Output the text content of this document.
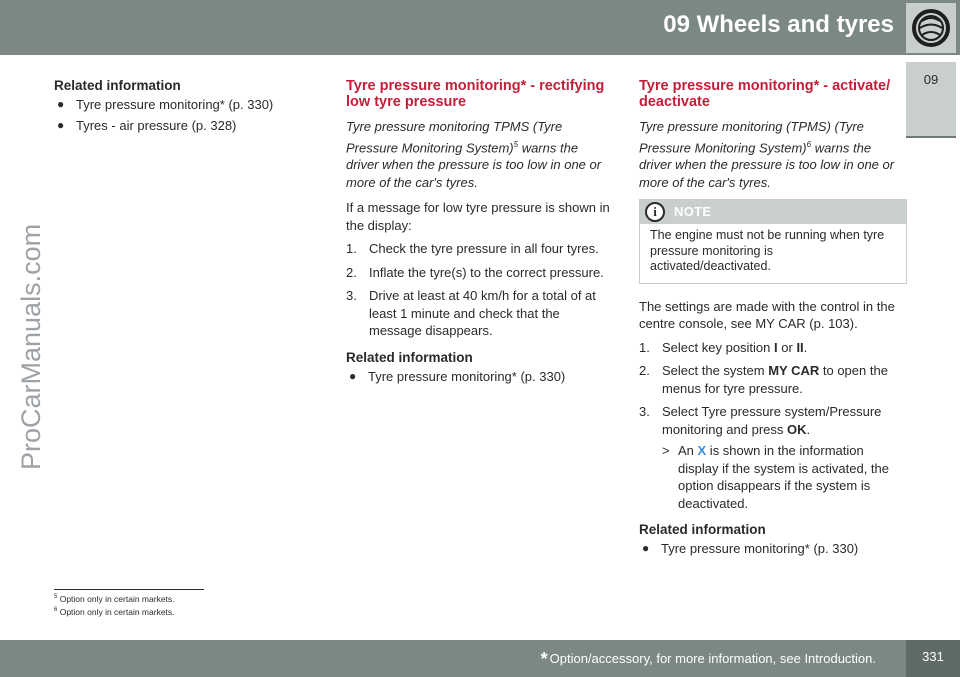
09 Wheels and tyres
09
ProCarManuals.com
Related information
● Tyre pressure monitoring* (p. 330)
● Tyres - air pressure (p. 328)
Tyre pressure monitoring* - rectifying low tyre pressure
Tyre pressure monitoring TPMS (Tyre Pressure Monitoring System)$^5$ warns the driver when the pressure is too low in one or more of the car's tyres.
If a message for low tyre pressure is shown in the display:
1. Check the tyre pressure in all four tyres.
2. Inflate the tyre(s) to the correct pressure.
3. Drive at least at 40 km/h for a total of at least 1 minute and check that the message disappears.
Related information
● Tyre pressure monitoring* (p. 330)
Tyre pressure monitoring* - activate/ deactivate
Tyre pressure monitoring (TPMS) (Tyre Pressure Monitoring System)$^6$ warns the driver when the pressure is too low in one or more of the car's tyres.
i	NOTE
The engine must not be running when tyre pressure monitoring is activated/deactivated.
The settings are made with the control in the centre console, see MY CAR (p. 103).
1. Select key position I or II.
2. Select the system MY CAR to open the menus for tyre pressure.
3. Select Tyre pressure system/Pressure monitoring and press OK.
> An X is shown in the information display if the system is activated, the option disappears if the system is deactivated.
Related information
● Tyre pressure monitoring* (p. 330)
$^5$ Option only in certain markets.
$^6$ Option only in certain markets.
* Option/accessory, for more information, see Introduction.	331
